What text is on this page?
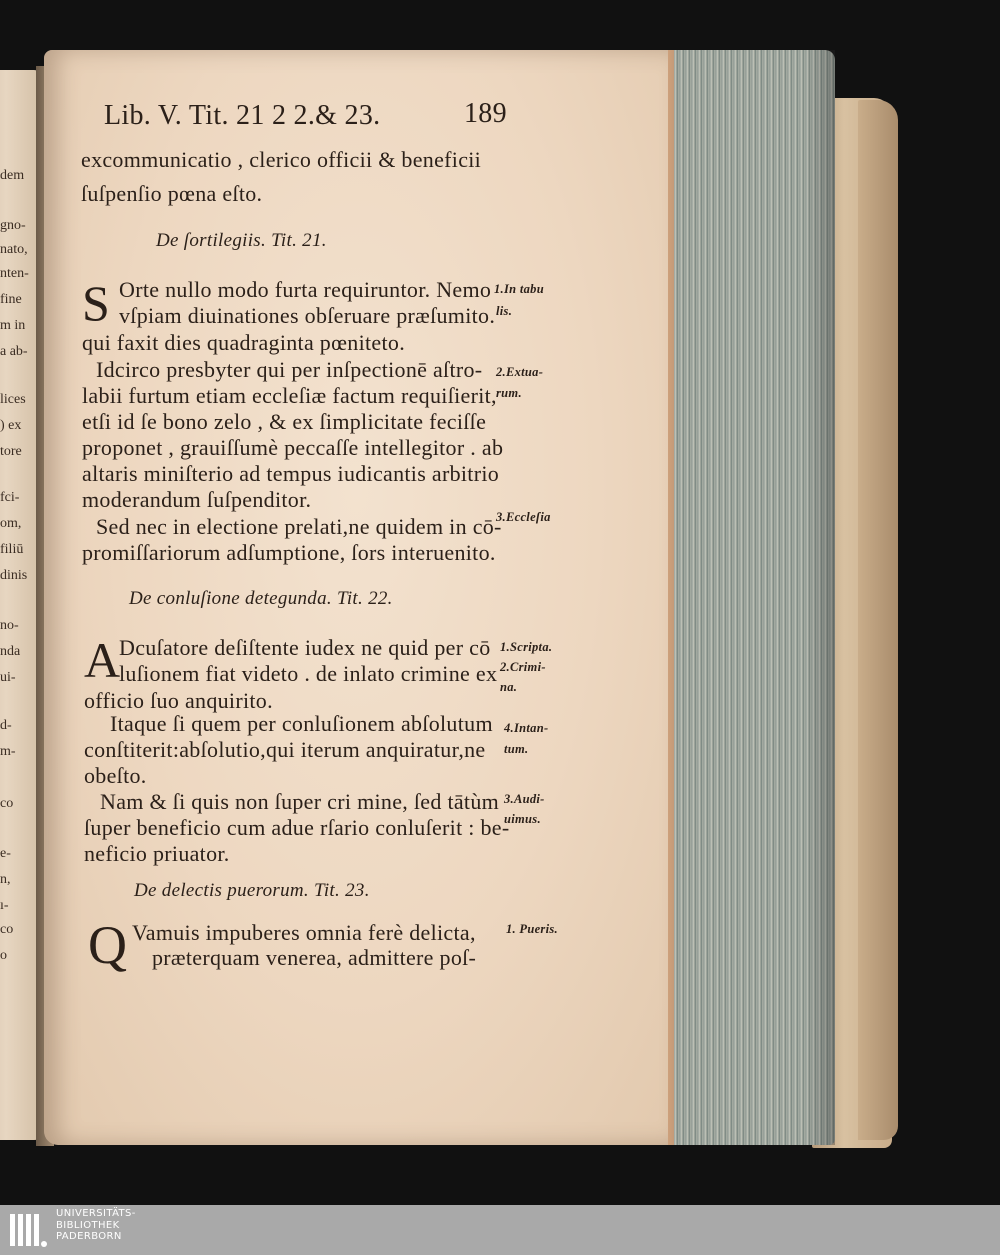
dem
gno-
nato,
nten-
fine
m in
a ab-
lices
) ex
tore
fci-
om,
filiū
dinis
no-
nda
ui-
d-
m-
co
e-
n,
ı-
co
o
Lib. V. Tit. 21 2 2.& 23.	189
excommunicatio , clerico officii & beneficii
ſuſpenſio pœna eſto.
De ſortilegiis. Tit. 21.
S Orte nullo modo furta requiruntor. Nemo
vſpiam diuinationes obſeruare præſumito.
qui faxit dies quadraginta pœniteto.
Idcirco presbyter qui per inſpectionē aſtro-
labii furtum etiam eccleſiæ factum requiſierit,
etſi id ſe bono zelo , & ex ſimplicitate feciſſe
proponet , grauiſſumè peccaſſe intellegitor . ab
altaris miniſterio ad tempus iudicantis arbitrio
moderandum ſuſpenditor.
Sed nec in electione prelati,ne quidem in cō-
promiſſariorum adſumptione, ſors interuenito.
1.In tabu
lis.
2.Extua-
rum.
3.Eccleſia
De conluſione detegunda. Tit. 22.
A
Dcuſatore deſiſtente iudex ne quid per cō
luſionem fiat videto . de inlato crimine ex
officio ſuo anquirito.
Itaque ſi quem per conluſionem abſolutum
conſtiterit:abſolutio,qui iterum anquiratur,ne
obeſto.
Nam & ſi quis non ſuper cri mine, ſed tātùm
ſuper beneficio cum adue rſario conluſerit : be-
neficio priuator.
1.Scripta.
2.Crimi-
na.
4.Intan-
tum.
3.Audi-
uimus.
De delectis puerorum. Tit. 23.
Q Vamuis impuberes omnia ferè delicta,
præterquam venerea, admittere poſ-
1. Pueris.
UNIVERSITÄTS-
BIBLIOTHEK
PADERBORN
